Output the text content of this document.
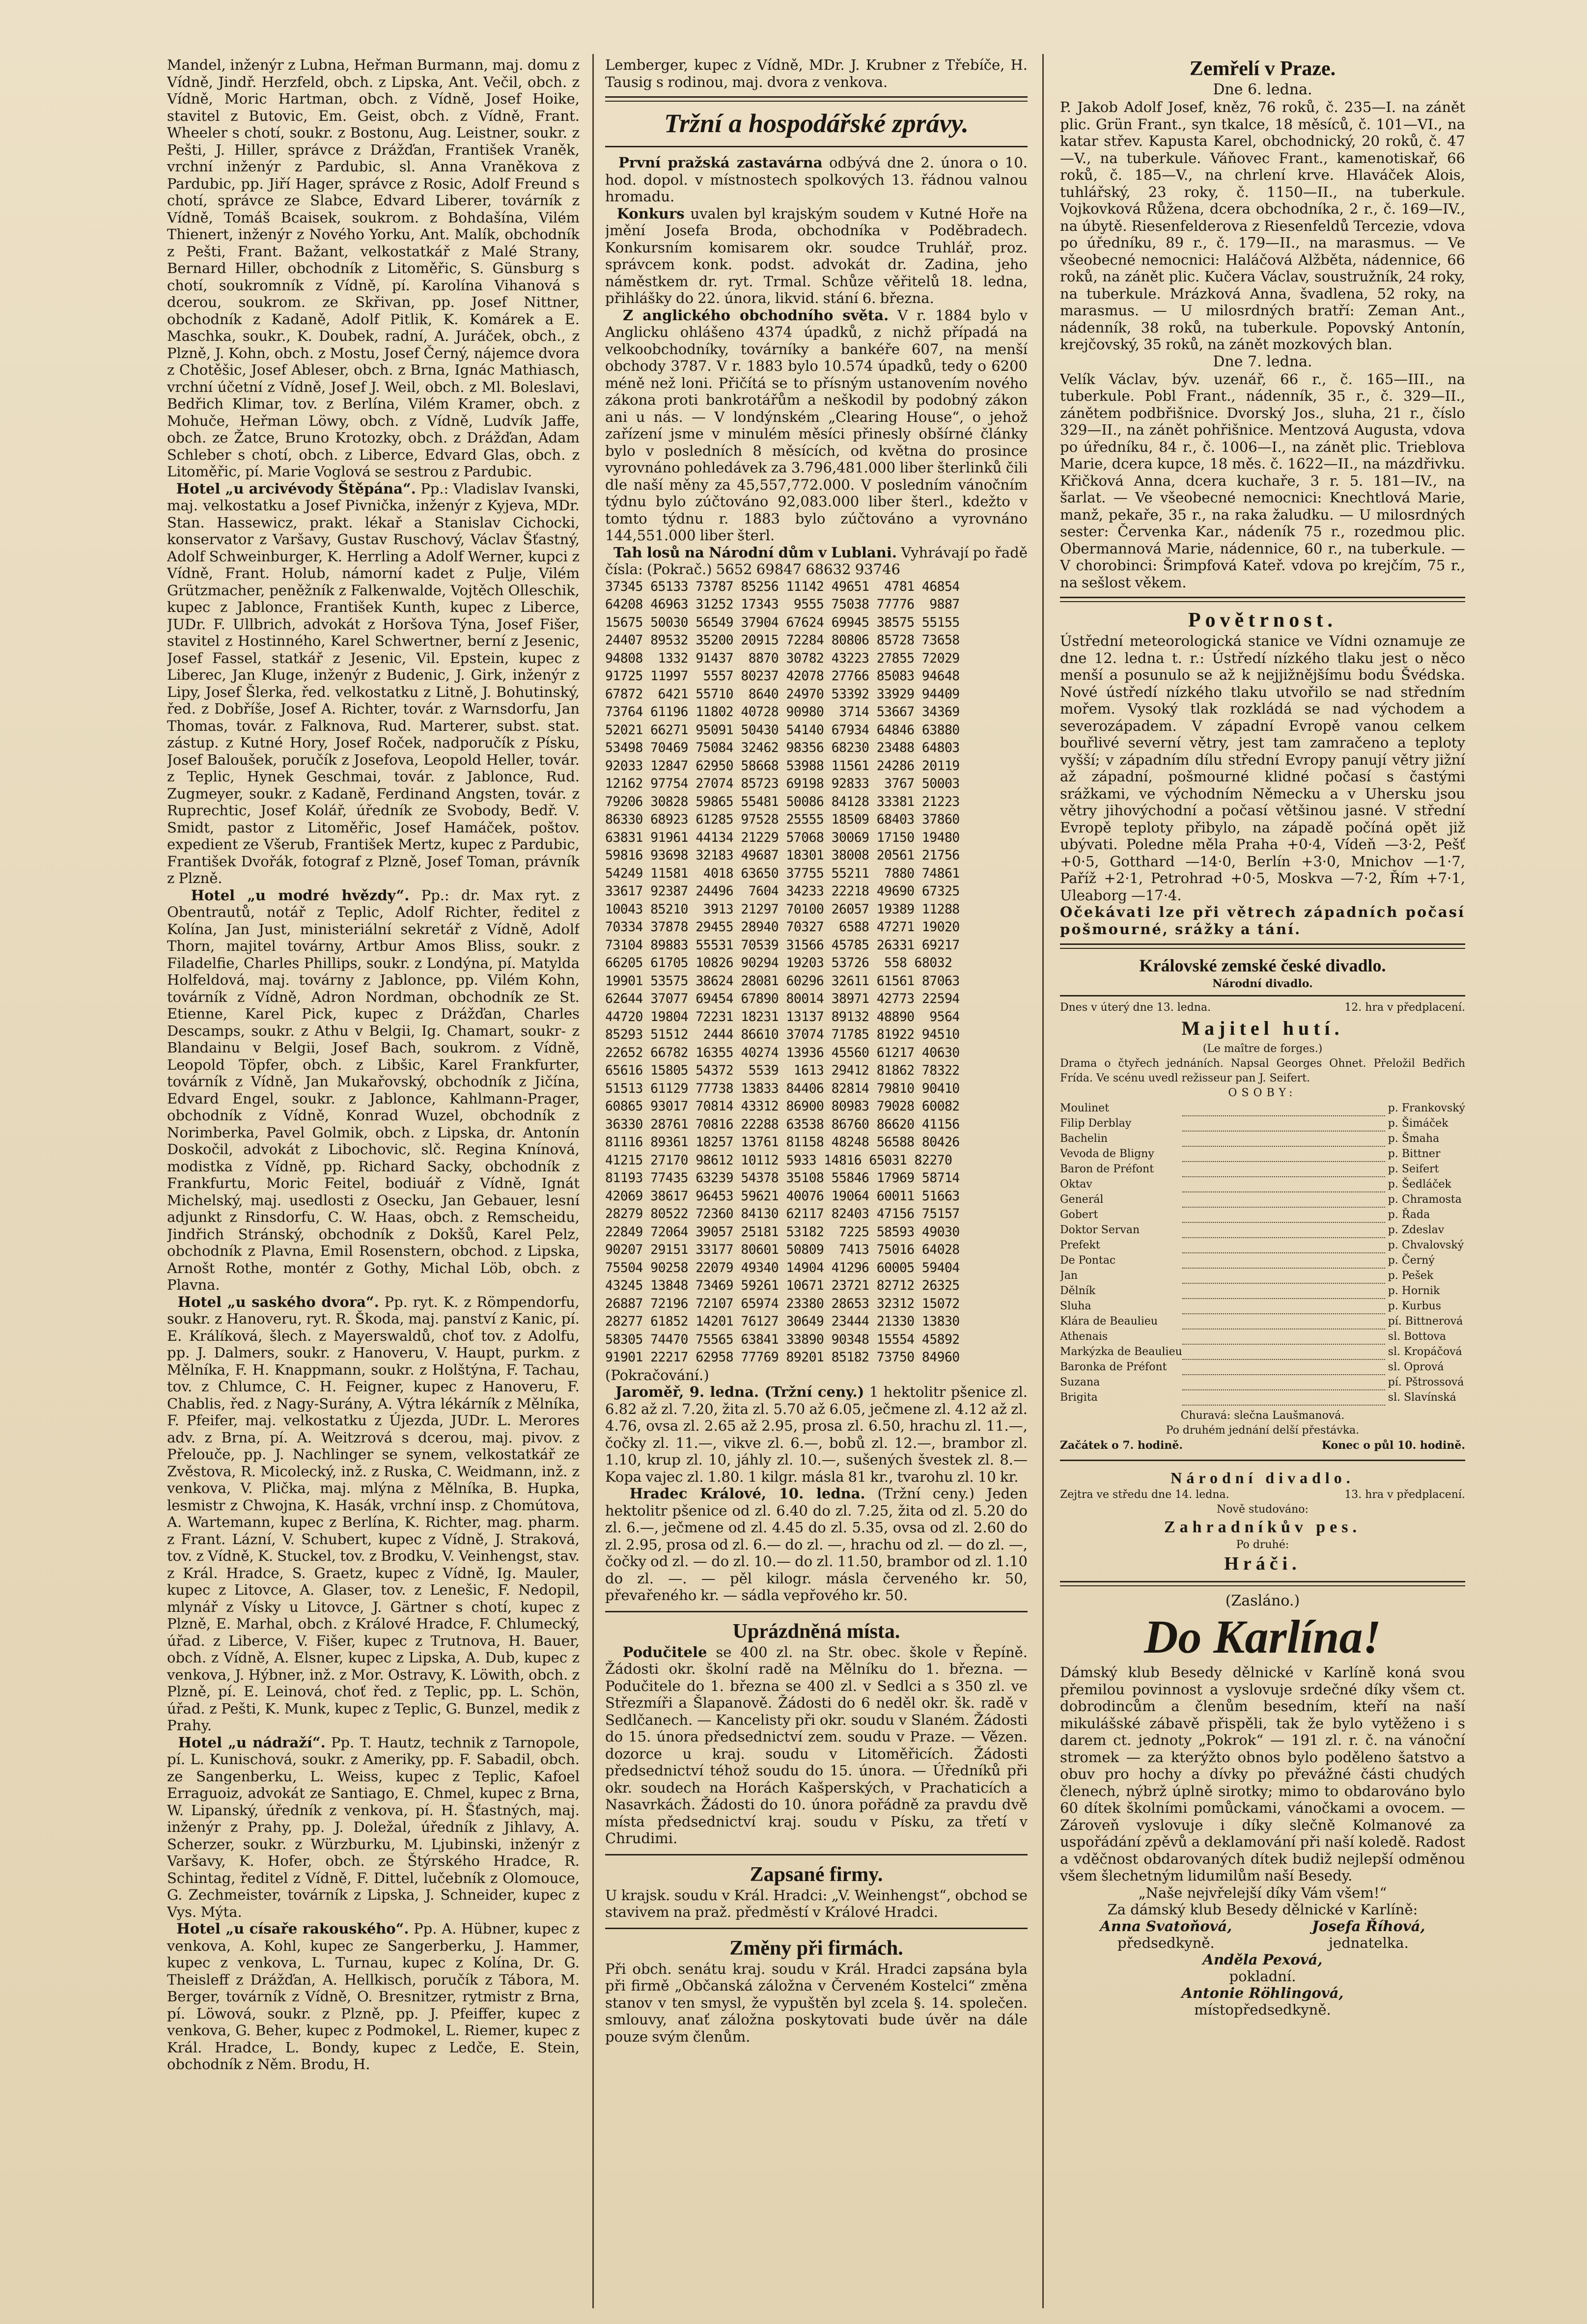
Mandel, inženýr z Lubna, Heřman Burmann, maj. domu z Vídně, Jindř. Herzfeld, obch. z Lipska, Ant. Večil, obch. z Vídně, Moric Hartman, obch. z Vídně, Josef Hoike, stavitel z Butovic, Em. Geist, obch. z Vídně, Frant. Wheeler s chotí, soukr. z Bostonu, Aug. Leistner, soukr. z Pešti, J. Hiller, správce z Drážďan, František Vraněk, vrchní inženýr z Pardubic, sl. Anna Vraněkova z Pardubic, pp. Jiří Hager, správce z Rosic, Adolf Freund s chotí, správce ze Slabce, Edvard Liberer, továrník z Vídně, Tomáš Bcaisek, soukrom. z Bohdašína, Vilém Thienert, inženýr z Nového Yorku, Ant. Malík, obchodník z Pešti, Frant. Bažant, velkostatkář z Malé Strany, Bernard Hiller, obchodník z Litoměřic, S. Günsburg s chotí, soukromník z Vídně, pí. Karolína Vihanová s dcerou, soukrom. ze Skřivan, pp. Josef Nittner, obchodník z Kadaně, Adolf Pitlik, K. Komárek a E. Maschka, soukr., K. Doubek, radní, A. Juráček, obch., z Plzně, J. Kohn, obch. z Mostu, Josef Černý, nájemce dvora z Chotěšic, Josef Ableser, obch. z Brna, Ignác Mathiasch, vrchní účetní z Vídně, Josef J. Weil, obch. z Ml. Boleslavi, Bedřich Klimar, tov. z Berlína, Vilém Kramer, obch. z Mohuče, Heřman Löwy, obch. z Vídně, Ludvík Jaffe, obch. ze Žatce, Bruno Krotozky, obch. z Drážďan, Adam Schleber s chotí, obch. z Liberce, Edvard Glas, obch. z Litoměřic, pí. Marie Voglová se sestrou z Pardubic.

Hotel „u arcivévody Štěpána“. Pp.: Vladislav Ivanski, maj. velkostatku a Josef Pivnička, inženýr z Kyjeva, MDr. Stan. Hassewicz, prakt. lékař a Stanislav Cichocki, konservator z Varšavy, Gustav Ruschový, Václav Šťastný, Adolf Schweinburger, K. Herrling a Adolf Werner, kupci z Vídně, Frant. Holub, námorní kadet z Pulje, Vilém Grützmacher, peněžník z Falkenwalde, Vojtěch Olleschik, kupec z Jablonce, František Kunth, kupec z Liberce, JUDr. F. Ullbrich, advokát z Horšova Týna, Josef Fišer, stavitel z Hostinného, Karel Schwertner, berní z Jesenic, Josef Fassel, statkář z Jesenic, Vil. Epstein, kupec z Liberec, Jan Kluge, inženýr z Budenic, J. Girk, inženýr z Lipy, Josef Šlerka, řed. velkostatku z Litně, J. Bohutinský, řed. z Dobříše, Josef A. Richter, továr. z Warnsdorfu, Jan Thomas, továr. z Falknova, Rud. Marterer, subst. stat. zástup. z Kutné Hory, Josef Roček, nadporučík z Písku, Josef Baloušek, poručík z Josefova, Leopold Heller, továr. z Teplic, Hynek Geschmai, továr. z Jablonce, Rud. Zugmeyer, soukr. z Kadaně, Ferdinand Angsten, továr. z Ruprechtic, Josef Kolář, úředník ze Svobody, Bedř. V. Smidt, pastor z Litoměřic, Josef Hamáček, poštov. expedient ze Všerub, František Mertz, kupec z Pardubic, František Dvořák, fotograf z Plzně, Josef Toman, právník z Plzně.

Hotel „u modré hvězdy“. Pp.: dr. Max ryt. z Obentrautů, notář z Teplic, Adolf Richter, ředitel z Kolína, Jan Just, ministeriální sekretář z Vídně, Adolf Thorn, majitel továrny, Artbur Amos Bliss, soukr. z Filadelfie, Charles Phillips, soukr. z Londýna, pí. Matylda Holfeldová, maj. továrny z Jablonce, pp. Vilém Kohn, továrník z Vídně, Adron Nordman, obchodník ze St. Etienne, Karel Pick, kupec z Drážďan, Charles Descamps, soukr. z Athu v Belgii, Ig. Chamart, soukr- z Blandainu v Belgii, Josef Bach, soukrom. z Vídně, Leopold Töpfer, obch. z Libšic, Karel Frankfurter, továrník z Vídně, Jan Mukařovský, obchodník z Jičína, Edvard Engel, soukr. z Jablonce, Kahlmann-Prager, obchodník z Vídně, Konrad Wuzel, obchodník z Norimberka, Pavel Golmik, obch. z Lipska, dr. Antonín Doskočil, advokát z Libochovic, slč. Regina Knínová, modistka z Vídně, pp. Richard Sacky, obchodník z Frankfurtu, Moric Feitel, bodiuář z Vídně, Ignát Michelský, maj. usedlosti z Osecku, Jan Gebauer, lesní adjunkt z Rinsdorfu, C. W. Haas, obch. z Remscheidu, Jindřich Stránský, obchodník z Dokšů, Karel Pelz, obchodník z Plavna, Emil Rosenstern, obchod. z Lipska, Arnošt Rothe, montér z Gothy, Michal Löb, obch. z Plavna.

Hotel „u saského dvora“. Pp. ryt. K. z Römpendorfu, soukr. z Hanoveru, ryt. R. Škoda, maj. panství z Kanic, pí. E. Králíková, šlech. z Mayerswaldů, choť tov. z Adolfu, pp. J. Dalmers, soukr. z Hanoveru, V. Haupt, purkm. z Mělníka, F. H. Knappmann, soukr. z Holštýna, F. Tachau, tov. z Chlumce, C. H. Feigner, kupec z Hanoveru, F. Chablis, řed. z Nagy-Surány, A. Výtra lékárník z Mělníka, F. Pfeifer, maj. velkostatku z Újezda, JUDr. L. Merores adv. z Brna, pí. A. Weitzrová s dcerou, maj. pivov. z Přelouče, pp. J. Nachlinger se synem, velkostatkář ze Zvěstova, R. Micolecký, inž. z Ruska, C. Weidmann, inž. z venkova, V. Plička, maj. mlýna z Mělníka, B. Hupka, lesmistr z Chwojna, K. Hasák, vrchní insp. z Chomútova, A. Wartemann, kupec z Berlína, K. Richter, mag. pharm. z Frant. Lázní, V. Schubert, kupec z Vídně, J. Straková, tov. z Vídně, K. Stuckel, tov. z Brodku, V. Veinhengst, stav. z Král. Hradce, S. Graetz, kupec z Vídně, Ig. Mauler, kupec z Litovce, A. Glaser, tov. z Lenešic, F. Nedopil, mlynář z Vísky u Litovce, J. Gärtner s chotí, kupec z Plzně, E. Marhal, obch. z Králové Hradce, F. Chlumecký, úřad. z Liberce, V. Fišer, kupec z Trutnova, H. Bauer, obch. z Vídně, A. Elsner, kupec z Lipska, A. Dub, kupec z venkova, J. Hýbner, inž. z Mor. Ostravy, K. Löwith, obch. z Plzně, pí. E. Leinová, choť řed. z Teplic, pp. L. Schön, úřad. z Pešti, K. Munk, kupec z Teplic, G. Bunzel, medik z Prahy.

Hotel „u nádraží“. Pp. T. Hautz, technik z Tarnopole, pí. L. Kunischová, soukr. z Ameriky, pp. F. Sabadil, obch. ze Sangenberku, L. Weiss, kupec z Teplic, Kafoel Erraguoiz, advokát ze Santiago, E. Chmel, kupec z Brna, W. Lipanský, úředník z venkova, pí. H. Šťastných, maj. inženýr z Prahy, pp. J. Doležal, úředník z Jihlavy, A. Scherzer, soukr. z Würzburku, M. Ljubinski, inženýr z Varšavy, K. Hofer, obch. ze Štýrského Hradce, R. Schintag, ředitel z Vídně, F. Dittel, lučebník z Olomouce, G. Zechmeister, továrník z Lipska, J. Schneider, kupec z Vys. Mýta.

Hotel „u císaře rakouského“. Pp. A. Hübner, kupec z venkova, A. Kohl, kupec ze Sangerberku, J. Hammer, kupec z venkova, L. Turnau, kupec z Kolína, Dr. G. Theisleff z Drážďan, A. Hellkisch, poručík z Tábora, M. Berger, továrník z Vídně, O. Bresnitzer, rytmistr z Brna, pí. Löwová, soukr. z Plzně, pp. J. Pfeiffer, kupec z venkova, G. Beher, kupec z Podmokel, L. Riemer, kupec z Král. Hradce, L. Bondy, kupec z Ledče, E. Stein, obchodník z Něm. Brodu, H.

Lemberger, kupec z Vídně, MDr. J. Krubner z Třebíče, H. Tausig s rodinou, maj. dvora z venkova.

Tržní a hospodářské zprávy.

První pražská zastavárna odbývá dne 2. února o 10. hod. dopol. v místnostech spolkových 13. řádnou valnou hromadu.

Konkurs uvalen byl krajským soudem v Kutné Hoře na jmění Josefa Broda, obchodníka v Poděbradech. Konkursním komisarem okr. soudce Truhlář, proz. správcem konk. podst. advokát dr. Zadina, jeho náměstkem dr. ryt. Trmal. Schůze věřitelů 18. ledna, přihlášky do 22. února, likvid. stání 6. března.

Z anglického obchodního světa. V r. 1884 bylo v Anglicku ohlášeno 4374 úpadků, z nichž případá na velkoobchodníky, továrníky a bankéře 607, na menší obchody 3787. V r. 1883 bylo 10.574 úpadků, tedy o 6200 méně než loni. Přičítá se to přísným ustanovením nového zákona proti bankrotářům a neškodil by podobný zákon ani u nás. — V londýnském „Clearing House“, o jehož zařízení jsme v minulém měsíci přinesly obšírné články bylo v posledních 8 měsících, od května do prosince vyrovnáno pohledávek za 3.796,481.000 liber šterlinků čili dle naší měny za 45,557,772.000. V posledním vánočním týdnu bylo zúčtováno 92,083.000 liber šterl., kdežto v tomto týdnu r. 1883 bylo zúčtováno a vyrovnáno 144,551.000 liber šterl.

Tah losů na Národní dům v Lublani. Vyhrávají po řadě čísla: (Pokrač.) 5652 69847 68632 93746

37345 65133 73787 85256 11142 49651  4781 46854

64208 46963 31252 17343  9555 75038 77776  9887

15675 50030 56549 37904 67624 69945 38575 55155

24407 89532 35200 20915 72284 80806 85728 73658

94808  1332 91437  8870 30782 43223 27855 72029

91725 11997  5557 80237 42078 27766 85083 94648

67872  6421 55710  8640 24970 53392 33929 94409

73764 61196 11802 40728 90980  3714 53667 34369

52021 66271 95091 50430 54140 67934 64846 63880

53498 70469 75084 32462 98356 68230 23488 64803

92033 12847 62950 58668 53988 11561 24286 20119

12162 97754 27074 85723 69198 92833  3767 50003

79206 30828 59865 55481 50086 84128 33381 21223

86330 68923 61285 97528 25555 18509 68403 37860

63831 91961 44134 21229 57068 30069 17150 19480

59816 93698 32183 49687 18301 38008 20561 21756

54249 11581  4018 63650 37755 55211  7880 74861

33617 92387 24496  7604 34233 22218 49690 67325

10043 85210  3913 21297 70100 26057 19389 11288

70334 37878 29455 28940 70327  6588 47271 19020

73104 89883 55531 70539 31566 45785 26331 69217

66205 61705 10826 90294 19203 53726  558 68032

19901 53575 38624 28081 60296 32611 61561 87063

62644 37077 69454 67890 80014 38971 42773 22594

44720 19804 72231 18231 13137 89132 48890  9564

85293 51512  2444 86610 37074 71785 81922 94510

22652 66782 16355 40274 13936 45560 61217 40630

65616 15805 54372  5539  1613 29412 81862 78322

51513 61129 77738 13833 84406 82814 79810 90410

60865 93017 70814 43312 86900 80983 79028 60082

36330 28761 70816 22288 63538 86760 86620 41156

81116 89361 18257 13761 81158 48248 56588 80426

41215 27170 98612 10112 5933 14816 65031 82270

81193 77435 63239 54378 35108 55846 17969 58714

42069 38617 96453 59621 40076 19064 60011 51663

28279 80522 72360 84130 62117 82403 47156 75157

22849 72064 39057 25181 53182  7225 58593 49030

90207 29151 33177 80601 50809  7413 75016 64028

75504 90258 22079 49340 14904 41296 60005 59404

43245 13848 73469 59261 10671 23721 82712 26325

26887 72196 72107 65974 23380 28653 32312 15072

28277 61852 14201 76127 30649 23444 21330 13830

58305 74470 75565 63841 33890 90348 15554 45892

91901 22217 62958 77769 89201 85182 73750 84960

(Pokračování.)

Jaroměř, 9. ledna. (Tržní ceny.) 1 hektolitr pšenice zl. 6.82 až zl. 7.20, žita zl. 5.70 až 6.05, ječmene zl. 4.12 až zl. 4.76, ovsa zl. 2.65 až 2.95, prosa zl. 6.50, hrachu zl. 11.—, čočky zl. 11.—, vikve zl. 6.—, bobů zl. 12.—, brambor zl. 1.10, krup zl. 10, jáhly zl. 10.—, sušených švestek zl. 8.— Kopa vajec zl. 1.80. 1 kilgr. másla 81 kr., tvarohu zl. 10 kr.

Hradec Králové, 10. ledna. (Tržní ceny.) Jeden hektolitr pšenice od zl. 6.40 do zl. 7.25, žita od zl. 5.20 do zl. 6.—, ječmene od zl. 4.45 do zl. 5.35, ovsa od zl. 2.60 do zl. 2.95, prosa od zl. 6.— do zl. —, hrachu od zl. — do zl. —, čočky od zl. — do zl. 10.— do zl. 11.50, brambor od zl. 1.10 do zl. —. — pěl kilogr. másla červeného kr. 50, převařeného kr. — sádla vepřového kr. 50.

Uprázdněná místa.

Podučitele se 400 zl. na Str. obec. škole v Řepíně. Žádosti okr. školní radě na Mělníku do 1. března. — Podučitele do 1. března se 400 zl. v Sedlci a s 350 zl. ve Střezmíři a Šlapanově. Žádosti do 6 neděl okr. šk. radě v Sedlčanech. — Kancelisty při okr. soudu v Slaném. Žádosti do 15. února předsednictví zem. soudu v Praze. — Vězen. dozorce u kraj. soudu v Litoměřicích. Žádosti předsednictví téhož soudu do 15. února. — Úředníků při okr. soudech na Horách Kašperských, v Prachaticích a Nasavrkách. Žádosti do 10. února pořádně za pravdu dvě místa předsednictví kraj. soudu v Písku, za třetí v Chrudimi.

Zapsané firmy.

U krajsk. soudu v Král. Hradci: „V. Weinhengst“, obchod se stavivem na praž. předměstí v Králové Hradci.

Změny při firmách.

Při obch. senátu kraj. soudu v Král. Hradci zapsána byla při firmě „Občanská záložna v Červeném Kostelci“ změna stanov v ten smysl, že vypuštěn byl zcela §. 14. společen. smlouvy, anať záložna poskytovati bude úvěr na dále pouze svým členům.

Zemřelí v Praze.

Dne 6. ledna.

P. Jakob Adolf Josef, kněz, 76 roků, č. 235—I. na zánět plic. Grün Frant., syn tkalce, 18 měsíců, č. 101—VI., na katar střev. Kapusta Karel, obchodnický, 20 roků, č. 47—V., na tuberkule. Váňovec Frant., kamenotiskař, 66 roků, č. 185—V., na chrlení krve. Hlaváček Alois, tuhlářský, 23 roky, č. 1150—II., na tuberkule. Vojkovková Růžena, dcera obchodníka, 2 r., č. 169—IV., na úbytě. Riesenfelderova z Riesenfeldů Tercezie, vdova po úředníku, 89 r., č. 179—II., na marasmus. — Ve všeobecné nemocnici: Haláčová Alžběta, nádennice, 66 roků, na zánět plic. Kučera Václav, soustružník, 24 roky, na tuberkule. Mrázková Anna, švadlena, 52 roky, na marasmus. — U milosrdných bratří: Zeman Ant., nádenník, 38 roků, na tuberkule. Popovský Antonín, krejčovský, 35 roků, na zánět mozkových blan.

Dne 7. ledna.

Velík Václav, býv. uzenář, 66 r., č. 165—III., na tuberkule. Pobl Frant., nádenník, 35 r., č. 329—II., zánětem podbřišnice. Dvorský Jos., sluha, 21 r., číslo 329—II., na zánět pohřišnice. Mentzová Augusta, vdova po úředníku, 84 r., č. 1006—I., na zánět plic. Trieblova Marie, dcera kupce, 18 měs. č. 1622—II., na mázdřivku. Křičková Anna, dcera kuchaře, 3 r. 5. 181—IV., na šarlat. — Ve všeobecné nemocnici: Knechtlová Marie, manž, pekaře, 35 r., na raka žaludku. — U milosrdných sester: Červenka Kar., nádeník 75 r., rozedmou plic. Obermannová Marie, nádennice, 60 r., na tuberkule. — V chorobinci: Šrimpfová Kateř. vdova po krejčím, 75 r., na sešlost věkem.

Povětrnost.

Ústřední meteorologická stanice ve Vídni oznamuje ze dne 12. ledna t. r.: Ústředí nízkého tlaku jest o něco menší a posunulo se až k nejjižnějšímu bodu Švédska. Nové ústředí nízkého tlaku utvořilo se nad středním mořem. Vysoký tlak rozkládá se nad východem a severozápadem. V západní Evropě vanou celkem bouřlivé severní větry, jest tam zamračeno a teploty vyšší; v západním dílu střední Evropy panují větry jižní až západní, pošmourné klidné počasí s častými srážkami, ve východním Německu a v Uhersku jsou větry jihovýchodní a počasí většinou jasné. V střední Evropě teploty přibylo, na západě počíná opět již ubývati. Poledne měla Praha +0·4, Vídeň —3·2, Pešť +0·5, Gotthard —14·0, Berlín +3·0, Mnichov —1·7, Paříž +2·1, Petrohrad +0·5, Moskva —7·2, Řím +7·1, Uleaborg —17·4.

Očekávati lze při větrech západních počasí pošmourné, srážky a tání.

Královské zemské české divadlo.

Národní divadlo.

Dnes v úterý dne 13. ledna.	12. hra v předplacení.

Majitel hutí.

(Le maître de forges.)

Drama o čtyřech jednáních. Napsal Georges Ohnet. Přeložil Bedřich Frída. Ve scénu uvedl režisseur pan J. Seifert.

OSOBY:

Moulinet		p. Frankovský
Filip Derblay		p. Šimáček
Bachelin		p. Šmaha
Vevoda de Bligny		p. Bittner
Baron de Préfont		p. Seifert
Oktav		p. Šedláček
Generál		p. Chramosta
Gobert		p. Řada
Doktor Servan		p. Zdeslav
Prefekt		p. Chvalovský
De Pontac		p. Černý
Jan		p. Pešek
Dělník		p. Hornik
Sluha		p. Kurbus
Klára de Beaulieu		pí. Bittnerová
Athenais		sl. Bottova
Markýzka de Beaulieu		sl. Kropáčová
Baronka de Préfont		sl. Oprová
Suzana		pí. Pštrossová
Brigita		sl. Slavínská

Churavá: slečna Laušmanová.

Po druhém jednání delší přestávka.

Začátek o 7. hodině.	Konec o půl 10. hodině.

Národní divadlo.

Zejtra ve středu dne 14. ledna.	13. hra v předplacení.

Nově studováno:

Zahradníkův pes.

Po druhé:

Hráči.

(Zasláno.)

Do Karlína!

Dámský klub Besedy dělnické v Karlíně koná svou přemilou povinnost a vyslovuje srdečné díky všem ct. dobrodincům a členům besedním, kteří na naší mikulášské zábavě přispěli, tak že bylo vytěženo i s darem ct. jednoty „Pokrok“ — 191 zl. r. č. na vánoční stromek — za kterýžto obnos bylo poděleno šatstvo a obuv pro hochy a dívky po převážné části chudých členech, nýbrž úplně sirotky; mimo to obdarováno bylo 60 dítek školními pomůckami, vánočkami a ovocem. — Zároveň vyslovuje i díky slečně Kolmanové za uspořádání zpěvů a deklamování při naší koledě. Radost a vděčnost obdarovaných dítek budiž nejlepší odměnou všem šlechetným lidumilům naší Besedy.

„Naše nejvřelejší díky Vám všem!“

Za dámský klub Besedy dělnické v Karlíně:

Anna Svatoňová,

předsedkyně.

Josefa Říhová,

jednatelka.

Anděla Pexová,

pokladní.

Antonie Röhlingová,

místopředsedkyně.
